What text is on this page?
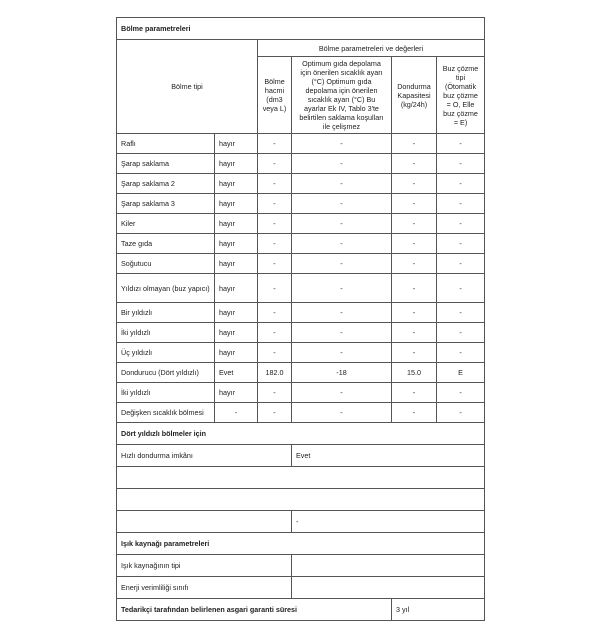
Bölme parametreleri					
Bölme tipi		Bölme parametreleri ve değerleri			
		Bölme hacmi (dm3 veya L)	Optimum gıda depolama için önerilen sıcaklık ayarı (°C) Optimum gıda depolama için önerilen sıcaklık ayarı (°C) Bu ayarlar Ek IV, Tablo 3'te belirtilen saklama koşulları ile çelişmez	Dondurma Kapasitesi (kg/24h)	Buz çözme tipi (Ötomatik buz çözme = O, Elle buz çözme = E)
Raflı	hayır	-	-	-	-
Şarap saklama	hayır	-	-	-	-
Şarap saklama 2	hayır	-	-	-	-
Şarap saklama 3	hayır	-	-	-	-
Kiler	hayır	-	-	-	-
Taze gıda	hayır	-	-	-	-
Soğutucu	hayır	-	-	-	-
Yıldızı olmayan (buz yapıcı)	hayır	-	-	-	-
Bir yıldızlı	hayır	-	-	-	-
İki yıldızlı	hayır	-	-	-	-
Üç yıldızlı	hayır	-	-	-	-
Dondurucu (Dört yıldızlı)	Evet	182.0	-18	15.0	E
İki yıldızlı	hayır	-	-	-	-
Değişken sıcaklık bölmesi	-	-	-	-	-
Dört yıldızlı bölmeler için					
Hızlı dondurma imkânı			Evet		

			-		
Işık kaynağı parametreleri					
Işık kaynağının tipi					
Enerji verimliliği sınıfı					
Tedarikçi tarafından belirlenen asgari garanti süresi				3 yıl	
